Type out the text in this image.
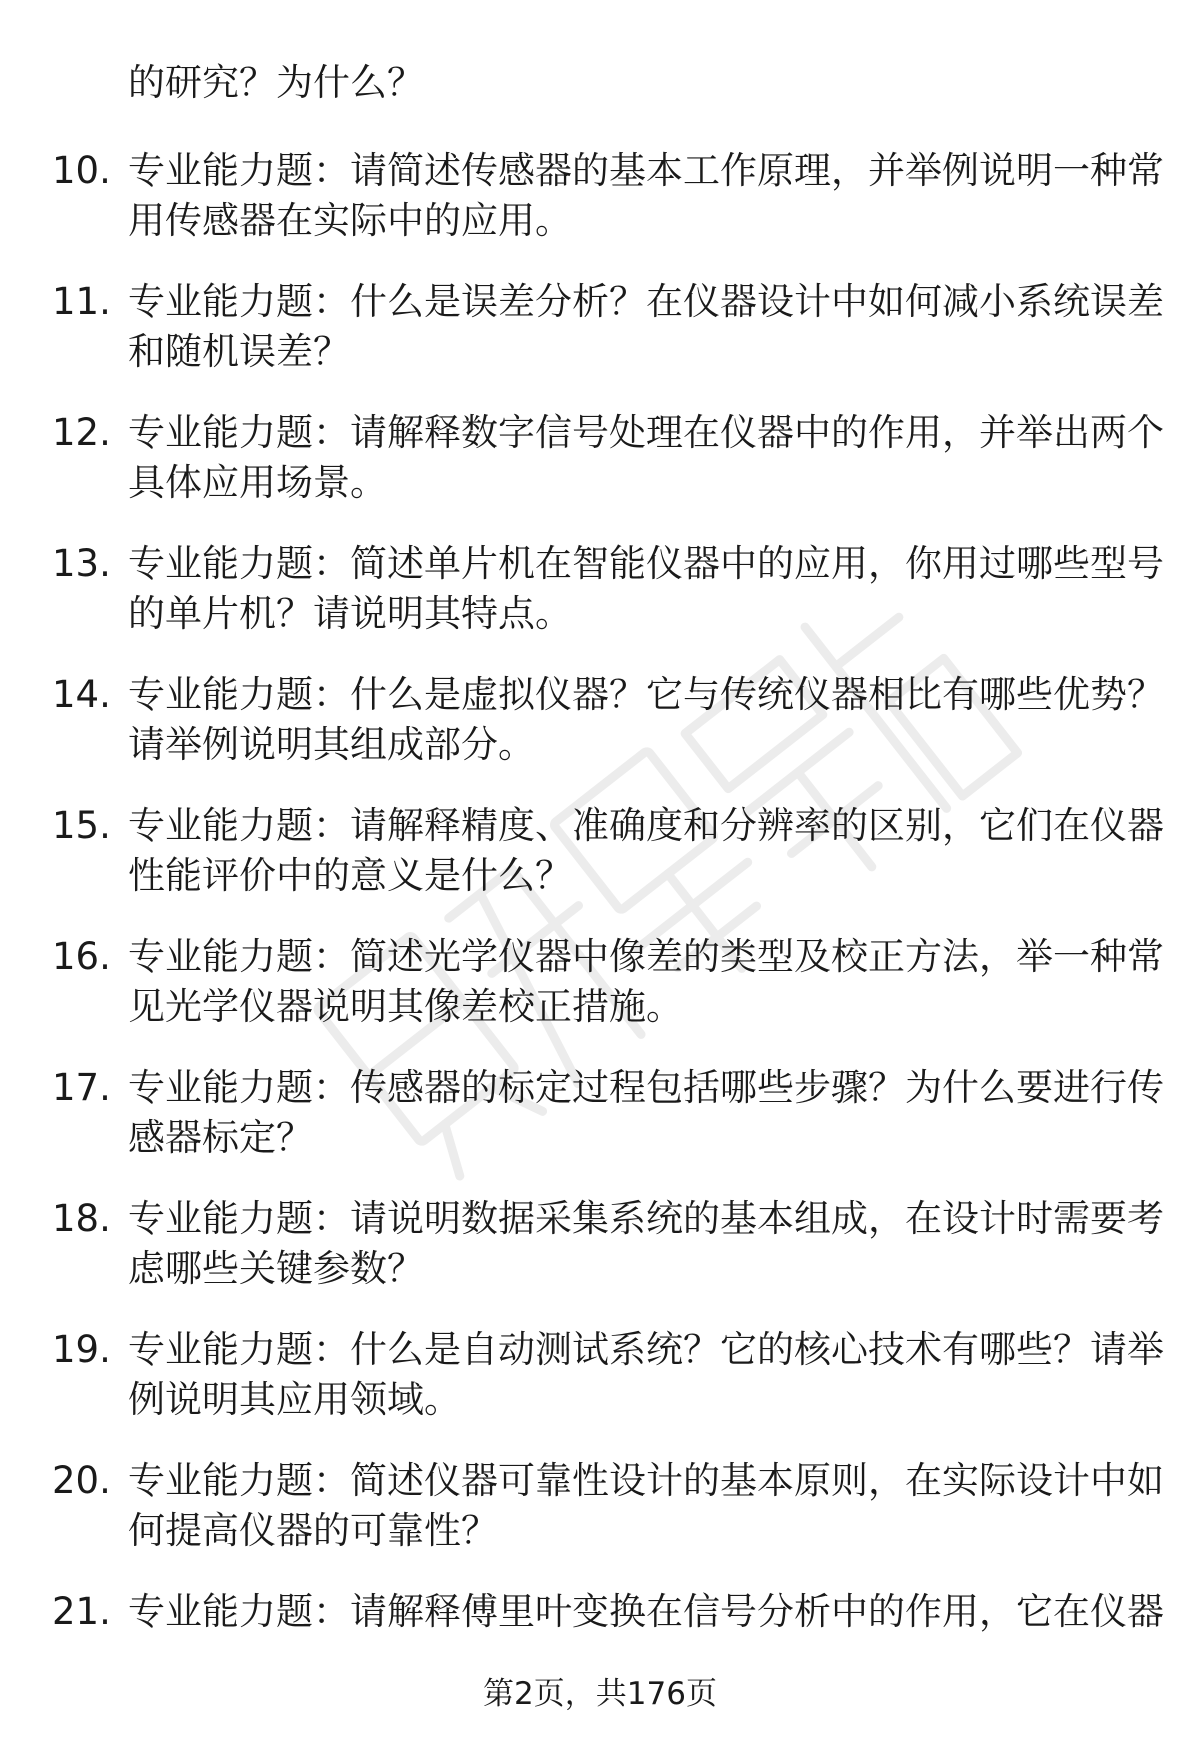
的研究？为什么？
10. 专业能力题：请简述传感器的基本工作原理，并举例说明一种常
用传感器在实际中的应用。
11. 专业能力题：什么是误差分析？在仪器设计中如何减小系统误差
和随机误差？
12. 专业能力题：请解释数字信号处理在仪器中的作用，并举出两个
具体应用场景。
13. 专业能力题：简述单片机在智能仪器中的应用，你用过哪些型号
的单片机？请说明其特点。
14. 专业能力题：什么是虚拟仪器？它与传统仪器相比有哪些优势？
请举例说明其组成部分。
15. 专业能力题：请解释精度、准确度和分辨率的区别，它们在仪器
性能评价中的意义是什么？
16. 专业能力题：简述光学仪器中像差的类型及校正方法，举一种常
见光学仪器说明其像差校正措施。
17. 专业能力题：传感器的标定过程包括哪些步骤？为什么要进行传
感器标定？
18. 专业能力题：请说明数据采集系统的基本组成，在设计时需要考
虑哪些关键参数？
19. 专业能力题：什么是自动测试系统？它的核心技术有哪些？请举
例说明其应用领域。
20. 专业能力题：简述仪器可靠性设计的基本原则，在实际设计中如
何提高仪器的可靠性？
21. 专业能力题：请解释傅里叶变换在信号分析中的作用，它在仪器
第2页，共176页
